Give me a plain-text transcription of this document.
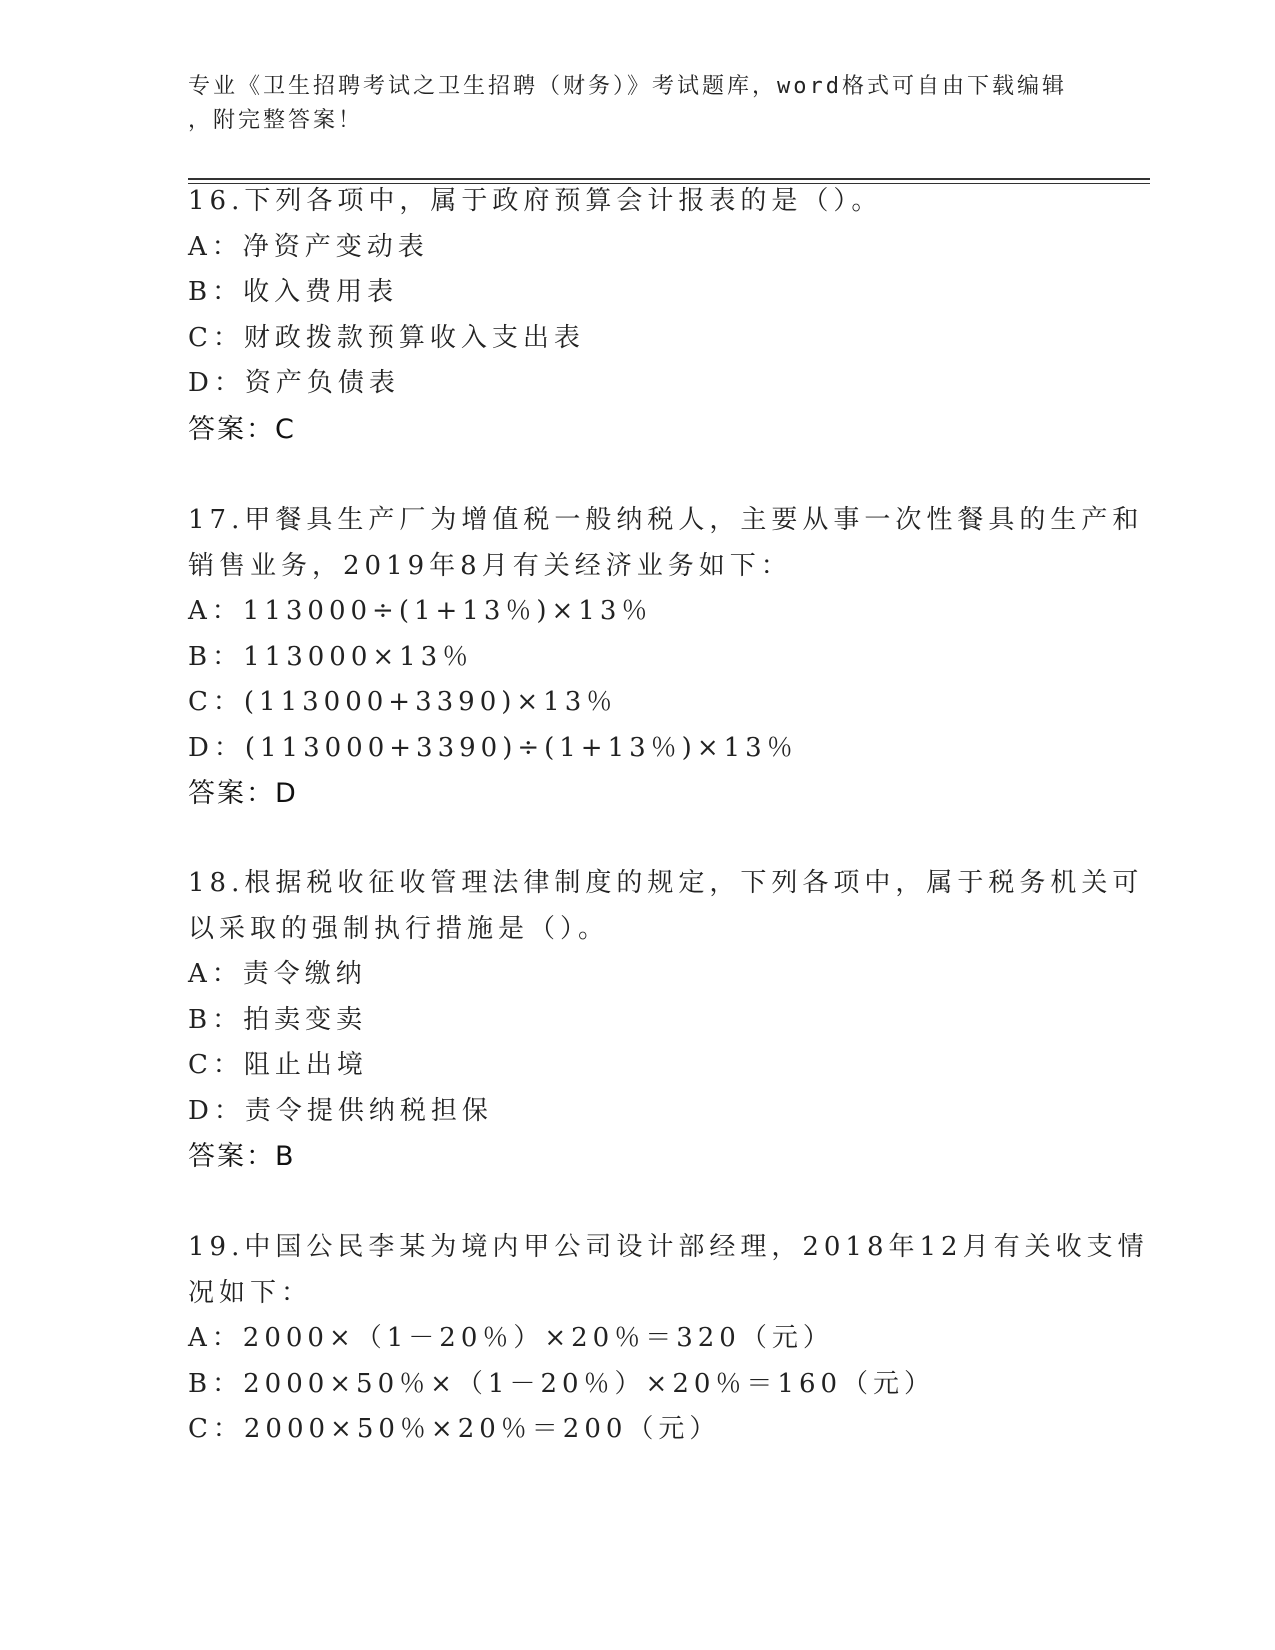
专业《卫生招聘考试之卫生招聘（财务）》考试题库，word格式可自由下载编辑
，附完整答案！
16.下列各项中，属于政府预算会计报表的是（）。
A：净资产变动表
B：收入费用表
C：财政拨款预算收入支出表
D：资产负债表
答案：C
17.甲餐具生产厂为增值税一般纳税人，主要从事一次性餐具的生产和
销售业务，2019年8月有关经济业务如下：
A：113000÷(1+13％)×13％
B：113000×13％
C：(113000+3390)×13％
D：(113000+3390)÷(1+13％)×13％
答案：D
18.根据税收征收管理法律制度的规定，下列各项中，属于税务机关可
以采取的强制执行措施是（）。
A：责令缴纳
B：拍卖变卖
C：阻止出境
D：责令提供纳税担保
答案：B
19.中国公民李某为境内甲公司设计部经理，2018年12月有关收支情
况如下：
A：2000×（1－20％）×20％＝320（元）
B：2000×50％×（1－20％）×20％＝160（元）
C：2000×50％×20％＝200（元）
